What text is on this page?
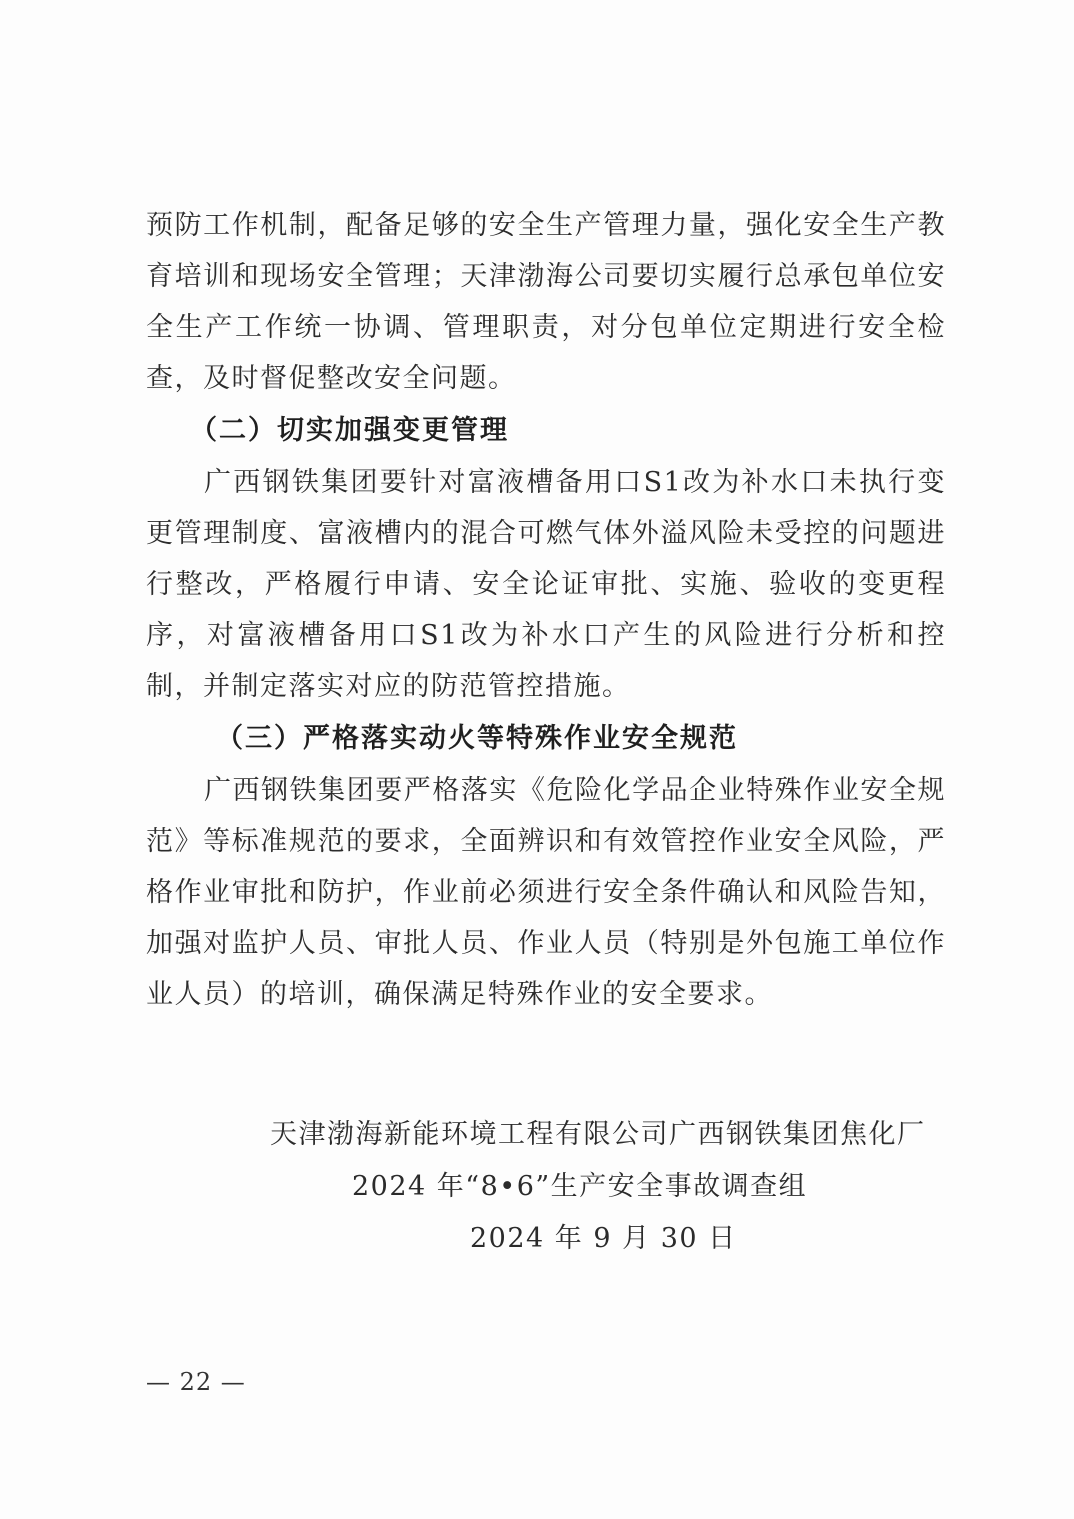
预防工作机制，配备足够的安全生产管理力量，强化安全生产教育培训和现场安全管理；天津渤海公司要切实履行总承包单位安全生产工作统一协调、管理职责，对分包单位定期进行安全检查，及时督促整改安全问题。

（二）切实加强变更管理

广西钢铁集团要针对富液槽备用口S1改为补水口未执行变更管理制度、富液槽内的混合可燃气体外溢风险未受控的问题进行整改，严格履行申请、安全论证审批、实施、验收的变更程序，对富液槽备用口S1改为补水口产生的风险进行分析和控制，并制定落实对应的防范管控措施。

（三）严格落实动火等特殊作业安全规范

广西钢铁集团要严格落实《危险化学品企业特殊作业安全规范》等标准规范的要求，全面辨识和有效管控作业安全风险，严格作业审批和防护，作业前必须进行安全条件确认和风险告知，加强对监护人员、审批人员、作业人员（特别是外包施工单位作业人员）的培训，确保满足特殊作业的安全要求。

天津渤海新能环境工程有限公司广西钢铁集团焦化厂
2024 年“8•6”生产安全事故调查组
2024 年 9 月 30 日
— 22 —
